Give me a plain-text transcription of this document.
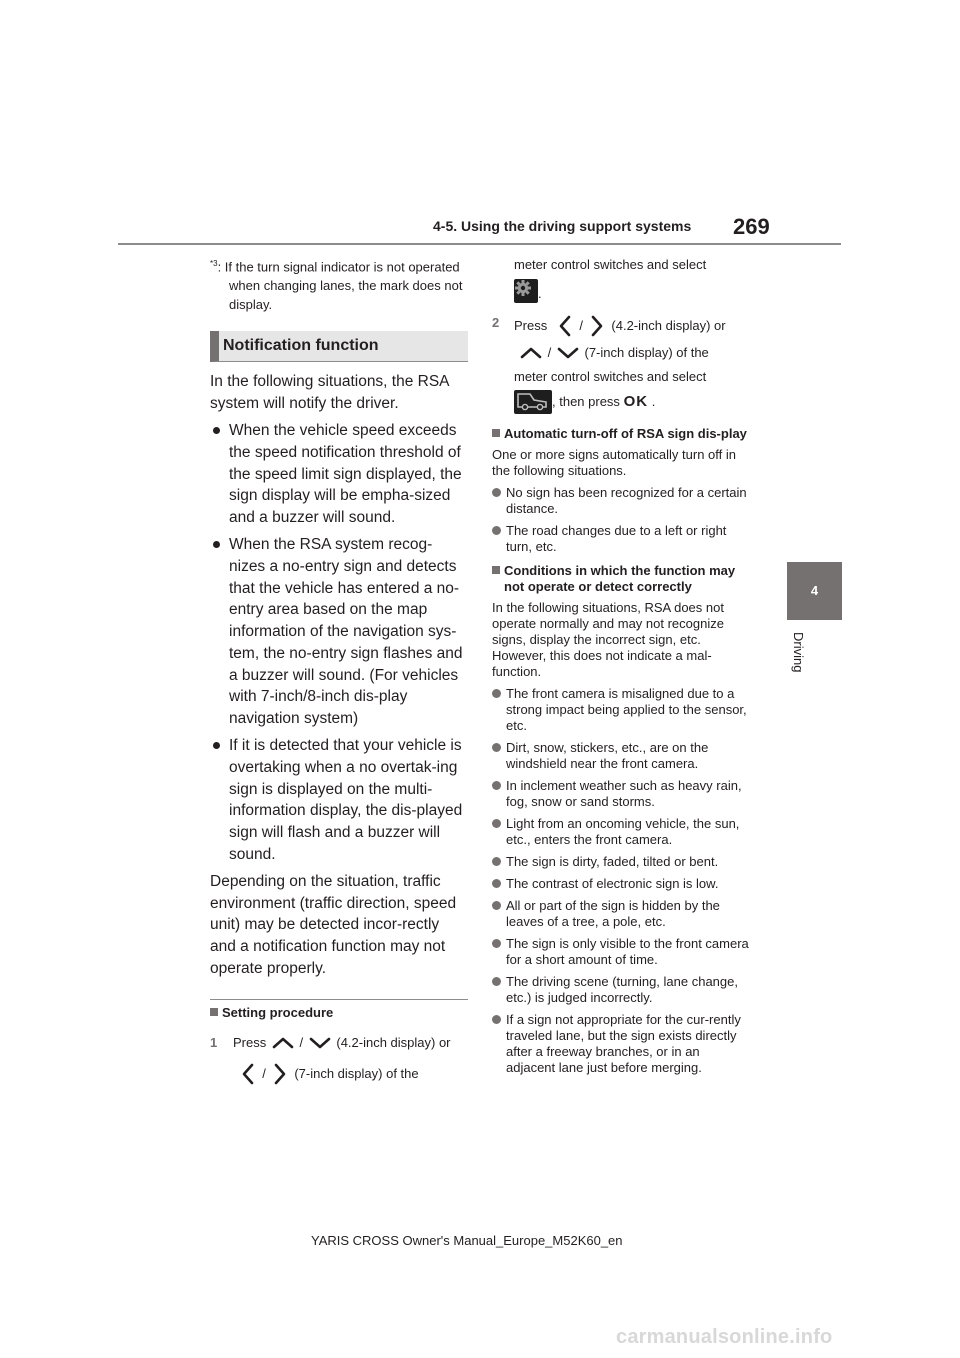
4-5. Using the driving support systems 269
4
Driving

$^{*3}$: If the turn signal indicator is not operated when changing lanes, the mark does not display.

Notification function

In the following situations, the RSA system will notify the driver.

When the vehicle speed exceeds the speed notification threshold of the speed limit sign displayed, the sign display will be empha-sized and a buzzer will sound.

When the RSA system recog-nizes a no-entry sign and detects that the vehicle has entered a no-entry area based on the map information of the navigation sys-tem, the no-entry sign flashes and a buzzer will sound. (For vehicles with 7-inch/8-inch dis-play navigation system)

If it is detected that your vehicle is overtaking when a no overtak-ing sign is displayed on the multi-information display, the dis-played sign will flash and a buzzer will sound.

Depending on the situation, traffic environment (traffic direction, speed unit) may be detected incor-rectly and a notification function may not operate properly.

Setting procedure
1 Press

	/

	(4.2-inch display) or

/

(7-inch display) of the
meter control switches and select
.
2 Press

/

(4.2-inch display) or

/

	(7-inch display) of the
meter control switches and select
, then press
OK
.
Automatic turn-off of RSA sign dis-play

One or more signs automatically turn off in the following situations.

No sign has been recognized for a certain distance.

The road changes due to a left or right turn, etc.

Conditions in which the function may not operate or detect correctly

In the following situations, RSA does not operate normally and may not recognize signs, display the incorrect sign, etc. However, this does not indicate a mal-function.

The front camera is misaligned due to a strong impact being applied to the sensor, etc.

Dirt, snow, stickers, etc., are on the windshield near the front camera.

In inclement weather such as heavy rain, fog, snow or sand storms.

Light from an oncoming vehicle, the sun, etc., enters the front camera.

The sign is dirty, faded, tilted or bent.

The contrast of electronic sign is low.

All or part of the sign is hidden by the leaves of a tree, a pole, etc.

The sign is only visible to the front camera for a short amount of time.

The driving scene (turning, lane change, etc.) is judged incorrectly.

If a sign not appropriate for the cur-rently traveled lane, but the sign exists directly after a freeway branches, or in an adjacent lane just before merging.

YARIS CROSS Owner's Manual_Europe_M52K60_en
carmanualsonline.info
